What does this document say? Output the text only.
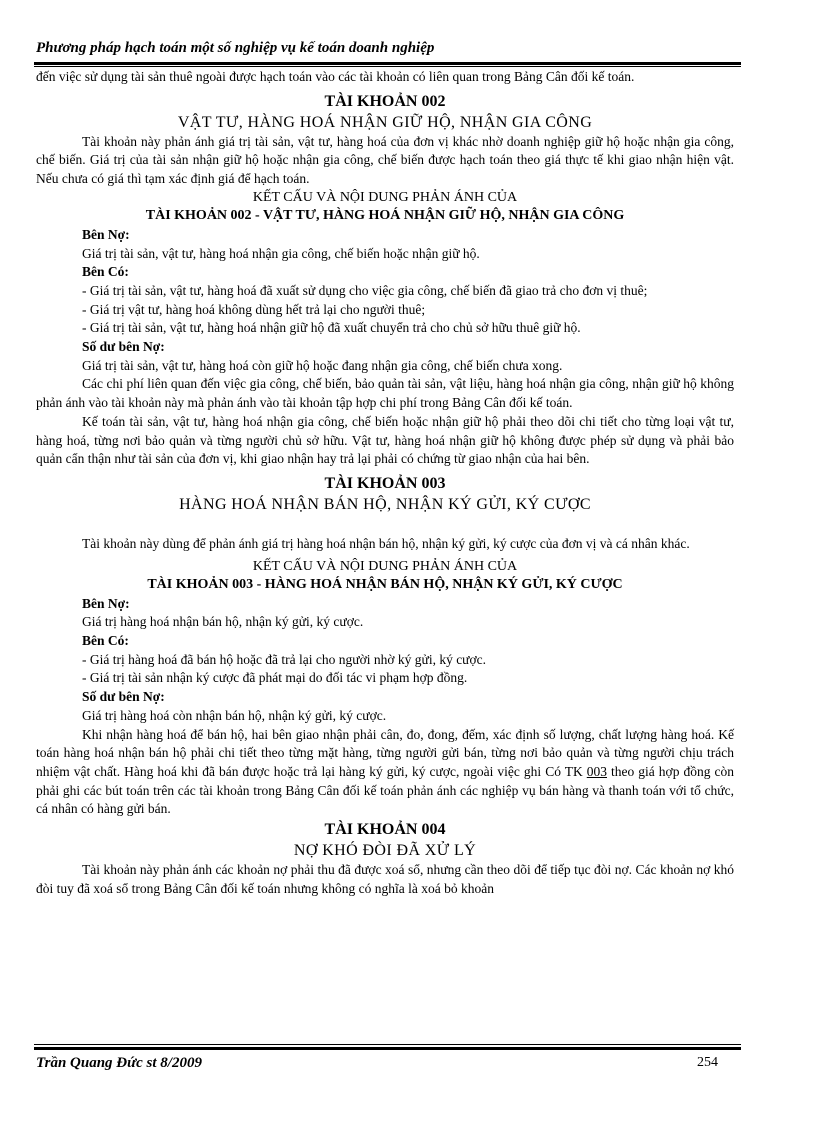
Phương pháp hạch toán một số nghiệp vụ kế toán doanh nghiệp

đến việc sử dụng tài sản thuê ngoài được hạch toán vào các tài khoản có liên quan trong Bảng Cân đối kế toán.

TÀI KHOẢN 002

VẬT TƯ, HÀNG HOÁ NHẬN GIỮ HỘ, NHẬN GIA CÔNG

Tài khoản này phản ánh giá trị tài sản, vật tư, hàng hoá của đơn vị khác nhờ doanh nghiệp giữ hộ hoặc nhận gia công, chế biến. Giá trị của tài sản nhận giữ hộ hoặc nhận gia công, chế biến được hạch toán theo giá thực tế khi giao nhận hiện vật. Nếu chưa có giá thì tạm xác định giá để hạch toán.

KẾT CẤU VÀ NỘI DUNG PHẢN ÁNH CỦA

TÀI KHOẢN 002 - VẬT TƯ, HÀNG HOÁ NHẬN GIỮ HỘ, NHẬN GIA CÔNG

Bên Nợ:

Giá trị tài sản, vật tư, hàng hoá nhận gia công, chế biến hoặc nhận giữ hộ.

Bên Có:

- Giá trị tài sản, vật tư, hàng hoá đã xuất sử dụng cho việc gia công, chế biến đã giao trả cho đơn vị thuê;

- Giá trị vật tư, hàng hoá không dùng hết trả lại cho người thuê;

- Giá trị tài sản, vật tư, hàng hoá nhận giữ hộ đã xuất chuyển trả cho chủ sở hữu thuê giữ hộ.

Số dư bên Nợ:

Giá trị tài sản, vật tư, hàng hoá còn giữ hộ hoặc đang nhận gia công, chế biến chưa xong.

Các chi phí liên quan đến việc gia công, chế biến, bảo quản tài sản, vật liệu, hàng hoá nhận gia công, nhận giữ hộ không phản ánh vào tài khoản này mà phản ánh vào tài khoản tập hợp chi phí trong Bảng Cân đối kế toán.

Kế toán tài sản, vật tư, hàng hoá nhận gia công, chế biến hoặc nhận giữ hộ phải theo dõi chi tiết cho từng loại vật tư, hàng hoá, từng nơi bảo quản và từng người chủ sở hữu. Vật tư, hàng hoá nhận giữ hộ không được phép sử dụng và phải bảo quản cẩn thận như tài sản của đơn vị, khi giao nhận hay trả lại phải có chứng từ giao nhận của hai bên.

TÀI KHOẢN 003

HÀNG HOÁ NHẬN BÁN HỘ, NHẬN KÝ GỬI, KÝ CƯỢC

Tài khoản này dùng để phản ánh giá trị hàng hoá nhận bán hộ, nhận ký gửi, ký cược của đơn vị và cá nhân khác.

KẾT CẤU VÀ NỘI DUNG PHẢN ÁNH CỦA

TÀI KHOẢN 003 - HÀNG HOÁ NHẬN BÁN HỘ, NHẬN KÝ GỬI, KÝ CƯỢC

Bên Nợ:

Giá trị hàng hoá nhận bán hộ, nhận ký gửi, ký cược.

Bên Có:

- Giá trị hàng hoá đã bán hộ hoặc đã trả lại cho người nhờ ký gửi, ký cược.

- Giá trị tài sản nhận ký cược đã phát mại do đối tác vi phạm hợp đồng.

Số dư bên Nợ:

Giá trị hàng hoá còn nhận bán hộ, nhận ký gửi, ký cược.

Khi nhận hàng hoá để bán hộ, hai bên giao nhận phải cân, đo, đong, đếm, xác định số lượng, chất lượng hàng hoá. Kế toán hàng hoá nhận bán hộ phải chi tiết theo từng mặt hàng, từng người gửi bán, từng nơi bảo quản và từng người chịu trách nhiệm vật chất. Hàng hoá khi đã bán được hoặc trả lại hàng ký gửi, ký cược, ngoài việc ghi Có TK 003 theo giá hợp đồng còn phải ghi các bút toán trên các tài khoản trong Bảng Cân đối kế toán phản ánh các nghiệp vụ bán hàng và thanh toán với tổ chức, cá nhân có hàng gửi bán.

TÀI KHOẢN 004

NỢ KHÓ ĐÒI ĐÃ XỬ LÝ

Tài khoản này phản ánh các khoản nợ phải thu đã được xoá sổ, nhưng cần theo dõi để tiếp tục đòi nợ. Các khoản nợ khó đòi tuy đã xoá sổ trong Bảng Cân đối kế toán nhưng không có nghĩa là xoá bỏ khoản

Trần Quang Đức st 8/2009	254
